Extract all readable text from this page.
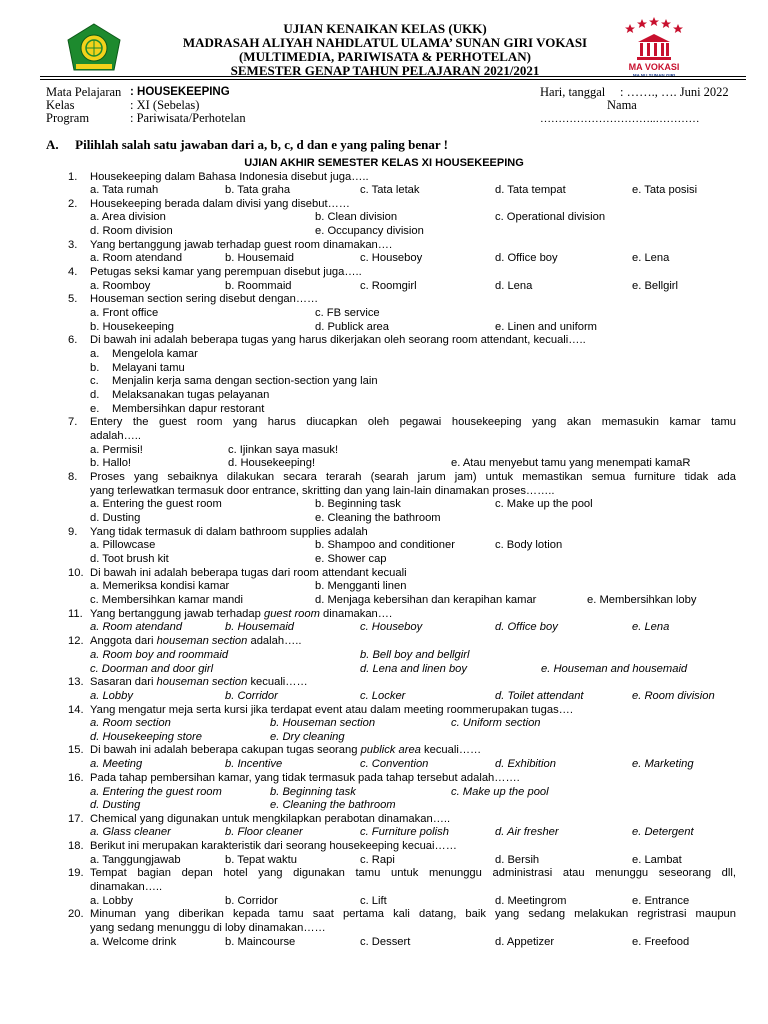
UJIAN KENAIKAN KELAS (UKK)
MADRASAH ALIYAH NAHDLATUL ULAMA’ SUNAN GIRI VOKASI
(MULTIMEDIA, PARIWISATA & PERHOTELAN)
SEMESTER GENAP TAHUN PELAJARAN 2021/2021	MA VOKASI
MA NU SUNAN GIRI
Mata Pelajaran : HOUSEKEEPING
Kelas	: XI (Sebelas)
Program	: Pariwisata/Perhotelan
Hari, tanggal : ……., …. Juni 2022
Nama
…………………………..…………
A. Pilihlah salah satu jawaban dari a, b, c, d dan e yang paling benar !
UJIAN AKHIR SEMESTER KELAS XI HOUSEKEEPING
1. Housekeeping dalam Bahasa Indonesia disebut juga…..
a. Tata rumah	b. Tata graha	c. Tata letak	d. Tata tempat	e. Tata posisi
2. Housekeeping berada dalam divisi yang disebut……
a. Area division	b. Clean division	c. Operational division
d. Room division	e. Occupancy division
3. Yang bertanggung jawab terhadap guest room dinamakan….
a. Room atendand	b. Housemaid	c. Houseboy	d. Office boy	e. Lena
4. Petugas seksi kamar yang perempuan disebut juga…..
a. Roomboy	b. Roommaid	c. Roomgirl	d. Lena	e. Bellgirl
5. Houseman section sering disebut dengan……
a. Front office	c. FB service
b. Housekeeping	d. Publick area	e. Linen and uniform
6. Di bawah ini adalah beberapa tugas yang harus dikerjakan oleh seorang room attendant, kecuali…..
a. Mengelola kamar
b. Melayani tamu
c. Menjalin kerja sama dengan section-section yang lain
d. Melaksanakan tugas pelayanan
e. Membersihkan dapur restorant
7. Entery the guest room yang harus diucapkan oleh pegawai housekeeping yang akan memasukin kamar tamu
adalah…..
a. Permisi!	c. Ijinkan saya masuk!
b. Hallo!	d. Housekeeping!	e. Atau menyebut tamu yang menempati kamaR
8. Proses yang sebaiknya dilakukan secara terarah (searah jarum jam) untuk memastikan semua furniture tidak ada
yang terlewatkan termasuk door entrance, skritting dan yang lain-lain dinamakan proses……..
a. Entering the guest room	b. Beginning task	c. Make up the pool
d. Dusting	e. Cleaning the bathroom
9. Yang tidak termasuk di dalam bathroom supplies adalah
a. Pillowcase	b. Shampoo and conditioner	c. Body lotion
d. Toot brush kit	e. Shower cap
10. Di bawah ini adalah beberapa tugas dari room attendant kecuali
a. Memeriksa kondisi kamar	b. Mengganti linen
c. Membersihkan kamar mandi	d. Menjaga kebersihan dan kerapihan kamar	e. Membersihkan loby
11. Yang bertanggung jawab terhadap guest room dinamakan….
a. Room atendand	b. Housemaid	c. Houseboy	d. Office boy	e. Lena
12. Anggota dari houseman section adalah…..
a. Room boy and roommaid	b. Bell boy and bellgirl
c. Doorman and door girl	d. Lena and linen boy	e. Houseman and housemaid
13. Sasaran dari houseman section kecuali……
a. Lobby	b. Corridor	c. Locker	d. Toilet attendant	e. Room division
14. Yang mengatur meja serta kursi jika terdapat event atau dalam meeting roommerupakan tugas….
a. Room section	b. Houseman section	c. Uniform section
d. Housekeeping store	e. Dry cleaning
15. Di bawah ini adalah beberapa cakupan tugas seorang publick area kecuali……
a. Meeting	b. Incentive	c. Convention	d. Exhibition	e. Marketing
16. Pada tahap pembersihan kamar, yang tidak termasuk pada tahap tersebut adalah…….
a. Entering the guest room	b. Beginning task	c. Make up the pool
d. Dusting	e. Cleaning the bathroom
17. Chemical yang digunakan untuk mengkilapkan perabotan dinamakan…..
a. Glass cleaner	b. Floor cleaner	c. Furniture polish	d. Air fresher	e. Detergent
18. Berikut ini merupakan karakteristik dari seorang housekeeping kecuai……
a. Tanggungjawab	b. Tepat waktu	c. Rapi	d. Bersih	e. Lambat
19. Tempat bagian depan hotel yang digunakan tamu untuk menunggu administrasi atau menunggu seseorang dll,
dinamakan…..
a. Lobby	b. Corridor	c. Lift	d. Meetingrom	e. Entrance
20. Minuman yang diberikan kepada tamu saat pertama kali datang, baik yang sedang melakukan regristrasi maupun
yang sedang menunggu di loby dinamakan……
a. Welcome drink	b. Maincourse	c. Dessert	d. Appetizer	e. Freefood
